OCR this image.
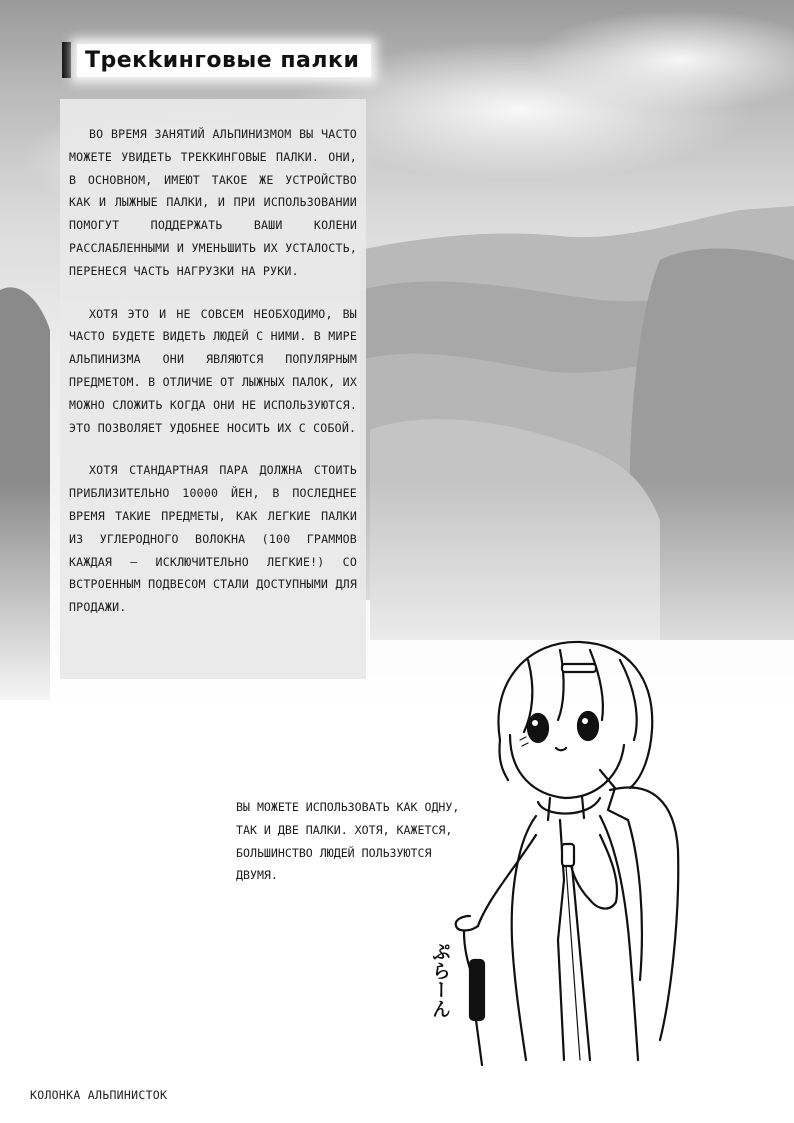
Трекkинговые палки

ВО ВРЕМЯ ЗАНЯТИЙ АЛЬПИНИЗМОМ ВЫ ЧАСТО МОЖЕТЕ УВИДЕТЬ ТРЕКKИНГОВЫЕ ПАЛКИ. ОНИ, В ОСНОВНОМ, ИМЕЮТ ТАКОЕ ЖЕ УСТРОЙСТВО КАК И ЛЫЖНЫЕ ПАЛКИ, И ПРИ ИСПОЛЬЗОВАНИИ ПОМОГУТ ПОДДЕРЖАТЬ ВАШИ КОЛЕНИ РАССЛАБЛЕННЫМИ И УМЕНЬШИТЬ ИХ УСТАЛОСТЬ, ПЕРЕНЕСЯ ЧАСТЬ НАГРУЗКИ НА РУКИ.

ХОТЯ ЭТО И НЕ СОВСЕМ НЕОБХОДИМО, ВЫ ЧАСТО БУДЕТЕ ВИДЕТЬ ЛЮДЕЙ С НИМИ. В МИРЕ АЛЬПИНИЗМА ОНИ ЯВЛЯЮТСЯ ПОПУЛЯРНЫМ ПРЕДМЕТОМ. В ОТЛИЧИЕ ОТ ЛЫЖНЫХ ПАЛОК, ИХ МОЖНО СЛОЖИТЬ КОГДА ОНИ НЕ ИСПОЛЬЗУЮТСЯ. ЭТО ПОЗВОЛЯЕТ УДОБНЕЕ НОСИТЬ ИХ С СОБОЙ.

ХОТЯ СТАНДАРТНАЯ ПАРА ДОЛЖНА СТОИТЬ ПРИБЛИЗИТЕЛЬНО 10000 ЙЕН, В ПОСЛЕДНЕЕ ВРЕМЯ ТАКИЕ ПРЕДМЕТЫ, КАК ЛЕГКИЕ ПАЛКИ ИЗ УГЛЕРОДНОГО ВОЛОКНА (100 ГРАММОВ КАЖДАЯ – ИСКЛЮЧИТЕЛЬНО ЛЕГКИЕ!) СО ВСТРОЕННЫМ ПОДВЕСОМ СТАЛИ ДОСТУПНЫМИ ДЛЯ ПРОДАЖИ.

ВЫ МОЖЕТЕ ИСПОЛЬЗОВАТЬ КАК ОДНУ, ТАК И ДВЕ ПАЛКИ. ХОТЯ, КАЖЕТСЯ, БОЛЬШИНСТВО ЛЮДЕЙ ПОЛЬЗУЮТСЯ ДВУМЯ.
ぷらーん
КОЛОНКА АЛЬПИНИСТОК
